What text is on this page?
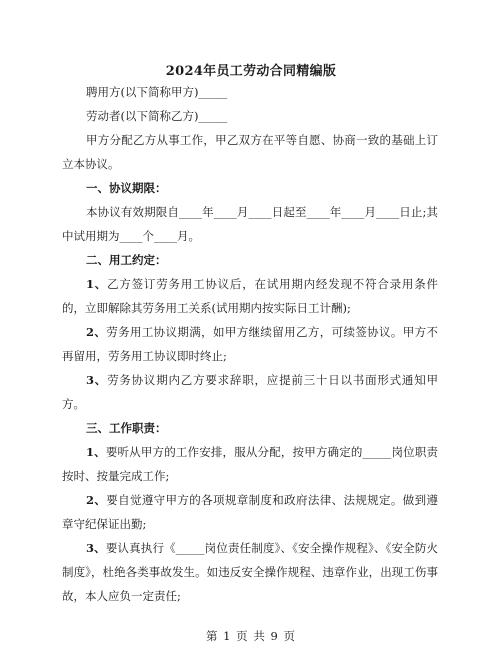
2024年员工劳动合同精编版
聘用方(以下简称甲方)_____
劳动者(以下简称乙方)_____
甲方分配乙方从事工作，甲乙双方在平等自愿、协商一致的基础上订立本协议。
一、协议期限：
本协议有效期限自____年____月____日起至____年____月____日止;其中试用期为____个____月。
二、用工约定：
1、乙方签订劳务用工协议后，在试用期内经发现不符合录用条件的，立即解除其劳务用工关系(试用期内按实际日工计酬);
2、劳务用工协议期满，如甲方继续留用乙方，可续签协议。甲方不再留用，劳务用工协议即时终止;
3、劳务协议期内乙方要求辞职，应提前三十日以书面形式通知甲方。
三、工作职责：
1、要听从甲方的工作安排，服从分配，按甲方确定的_____岗位职责按时、按量完成工作;
2、要自觉遵守甲方的各项规章制度和政府法律、法规规定。做到遵章守纪保证出勤;
3、要认真执行《_____岗位责任制度》、《安全操作规程》、《安全防火制度》，杜绝各类事故发生。如违反安全操作规程、违章作业，出现工伤事故，本人应负一定责任;
第 1 页 共 9 页
